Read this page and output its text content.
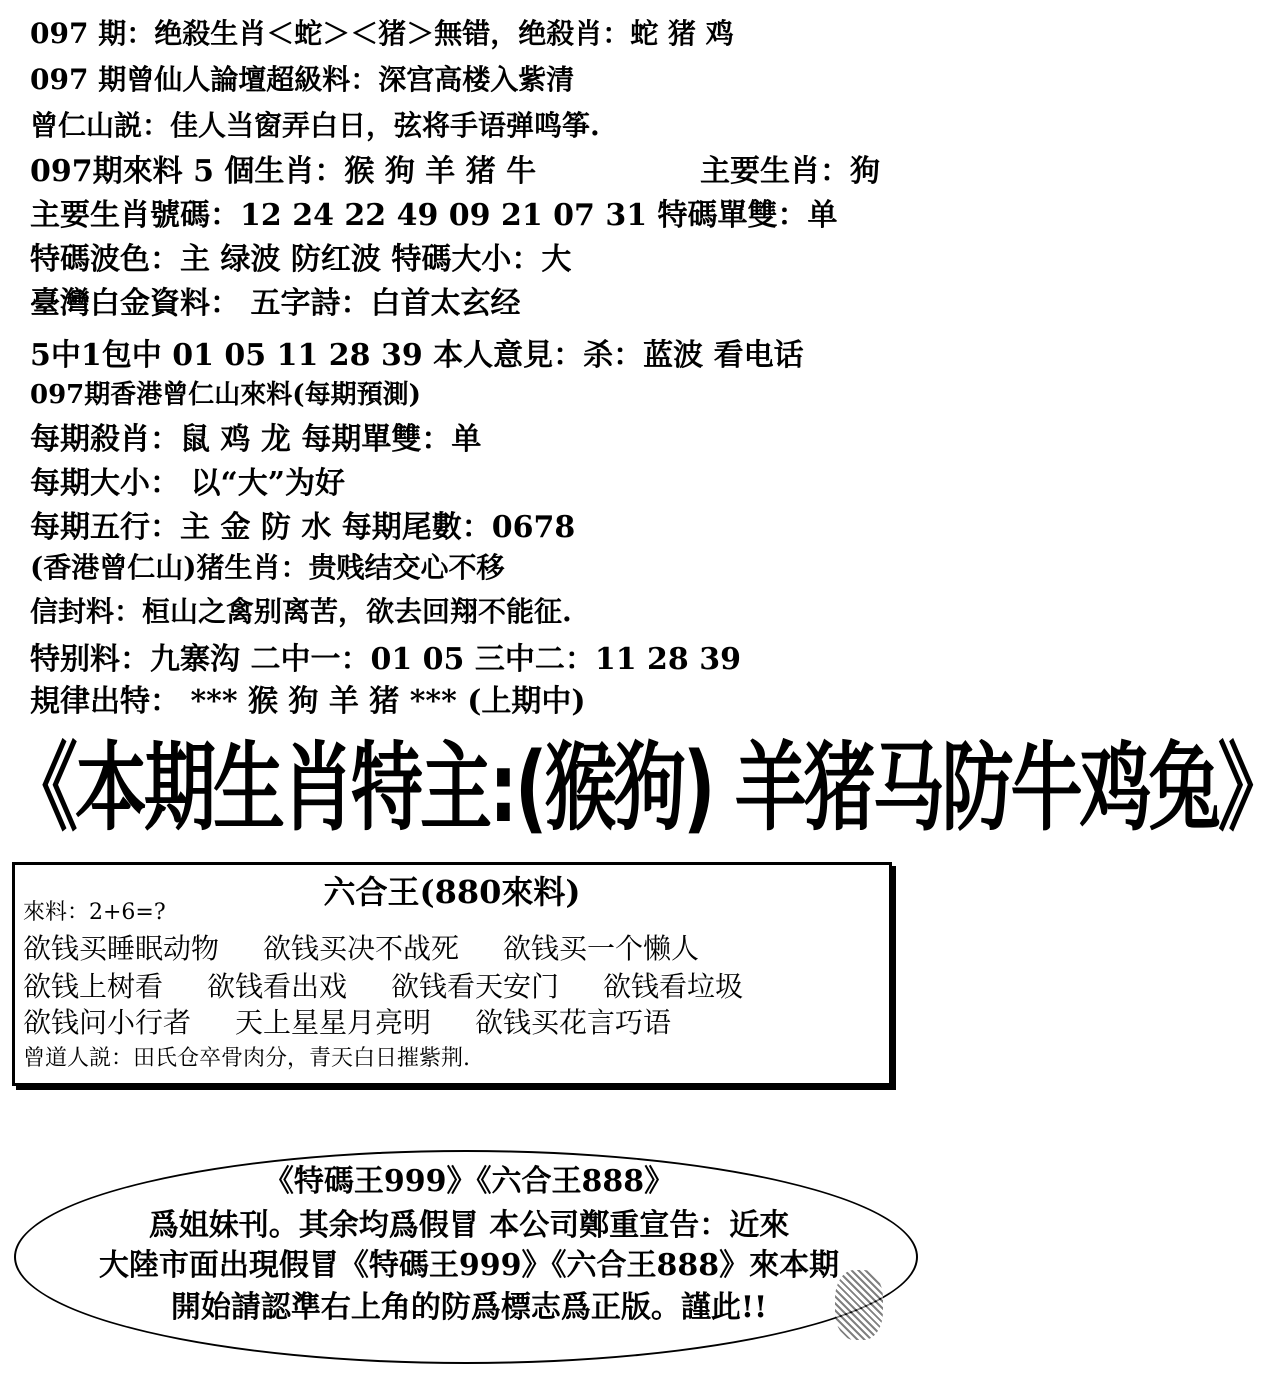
097 期：绝殺生肖＜蛇＞＜猪＞無错，绝殺肖：蛇 猪 鸡
097 期曾仙人論壇超級料：深宫高楼入紫清
曾仁山説：佳人当窗弄白日，弦将手语弹鸣筝.
097期來料 5 個生肖：猴 狗 羊 猪 牛	主要生肖：狗
主要生肖號碼：12 24 22 49 09 21 07 31 特碼單雙：单
特碼波色：主 绿波 防红波 特碼大小：大
臺灣白金資料： 五字詩：白首太玄经
5中1包中 01 05 11 28 39 本人意見：杀：蓝波 看电话
097期香港曾仁山來料(每期預測)
每期殺肖：鼠 鸡 龙 每期單雙：单
每期大小： 以“大”为好
每期五行：主 金 防 水 每期尾數：0678
(香港曾仁山)猪生肖：贵贱结交心不移
信封料：桓山之禽别离苦，欲去回翔不能征.
特别料：九寨沟 二中一：01 05 三中二：11 28 39
規律出特： *** 猴 狗 羊 猪 *** (上期中)
《本期生肖特主:(猴狗) 羊猪马防牛鸡兔》
六合王(880來料)
來料：2+6=?
欲钱买睡眠动物 欲钱买决不战死 欲钱买一个懒人
欲钱上树看 欲钱看出戏 欲钱看天安门 欲钱看垃圾
欲钱问小行者 天上星星月亮明 欲钱买花言巧语
曾道人説：田氏仓卒骨肉分，青天白日摧紫荆.
《特碼王999》《六合王888》
爲姐妹刊。其余均爲假冒 本公司鄭重宣告：近來
大陸市面出現假冒《特碼王999》《六合王888》來本期
開始請認準右上角的防爲標志爲正版。謹此!!
